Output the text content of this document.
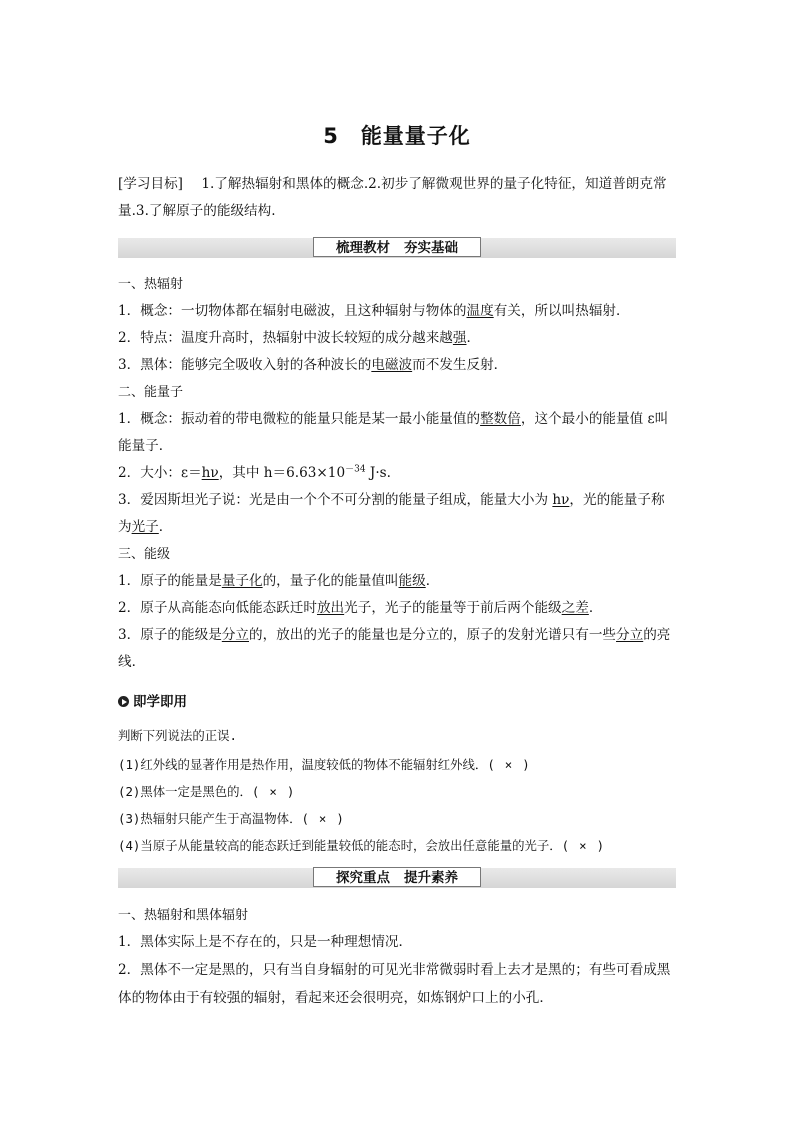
5 能量量子化
[学习目标] 1.了解热辐射和黑体的概念.2.初步了解微观世界的量子化特征，知道普朗克常量.3.了解原子的能级结构.
梳理教材 夯实基础
一、热辐射
1．概念：一切物体都在辐射电磁波，且这种辐射与物体的温度有关，所以叫热辐射．
2．特点：温度升高时，热辐射中波长较短的成分越来越强．
3．黑体：能够完全吸收入射的各种波长的电磁波而不发生反射．
二、能量子
1．概念：振动着的带电微粒的能量只能是某一最小能量值的整数倍，这个最小的能量值 ε叫
能量子．
2．大小：ε＝hν，其中 $h=6.63\times 10^{-34}$ J·s.
3．爱因斯坦光子说：光是由一个个不可分割的能量子组成，能量大小为 hν，光的能量子称
为光子．
三、能级
1．原子的能量是量子化的，量子化的能量值叫能级．
2．原子从高能态向低能态跃迁时放出光子，光子的能量等于前后两个能级之差．
3．原子的能级是分立的，放出的光子的能量也是分立的，原子的发射光谱只有一些分立的亮
线．
即学即用
判断下列说法的正误.
(1)红外线的显著作用是热作用，温度较低的物体不能辐射红外线．( × )
(2)黑体一定是黑色的．( × )
(3)热辐射只能产生于高温物体．( × )
(4)当原子从能量较高的能态跃迁到能量较低的能态时，会放出任意能量的光子．( × )
探究重点 提升素养
一、热辐射和黑体辐射
1．黑体实际上是不存在的，只是一种理想情况．
2．黑体不一定是黑的，只有当自身辐射的可见光非常微弱时看上去才是黑的；有些可看成黑
体的物体由于有较强的辐射，看起来还会很明亮，如炼钢炉口上的小孔．
